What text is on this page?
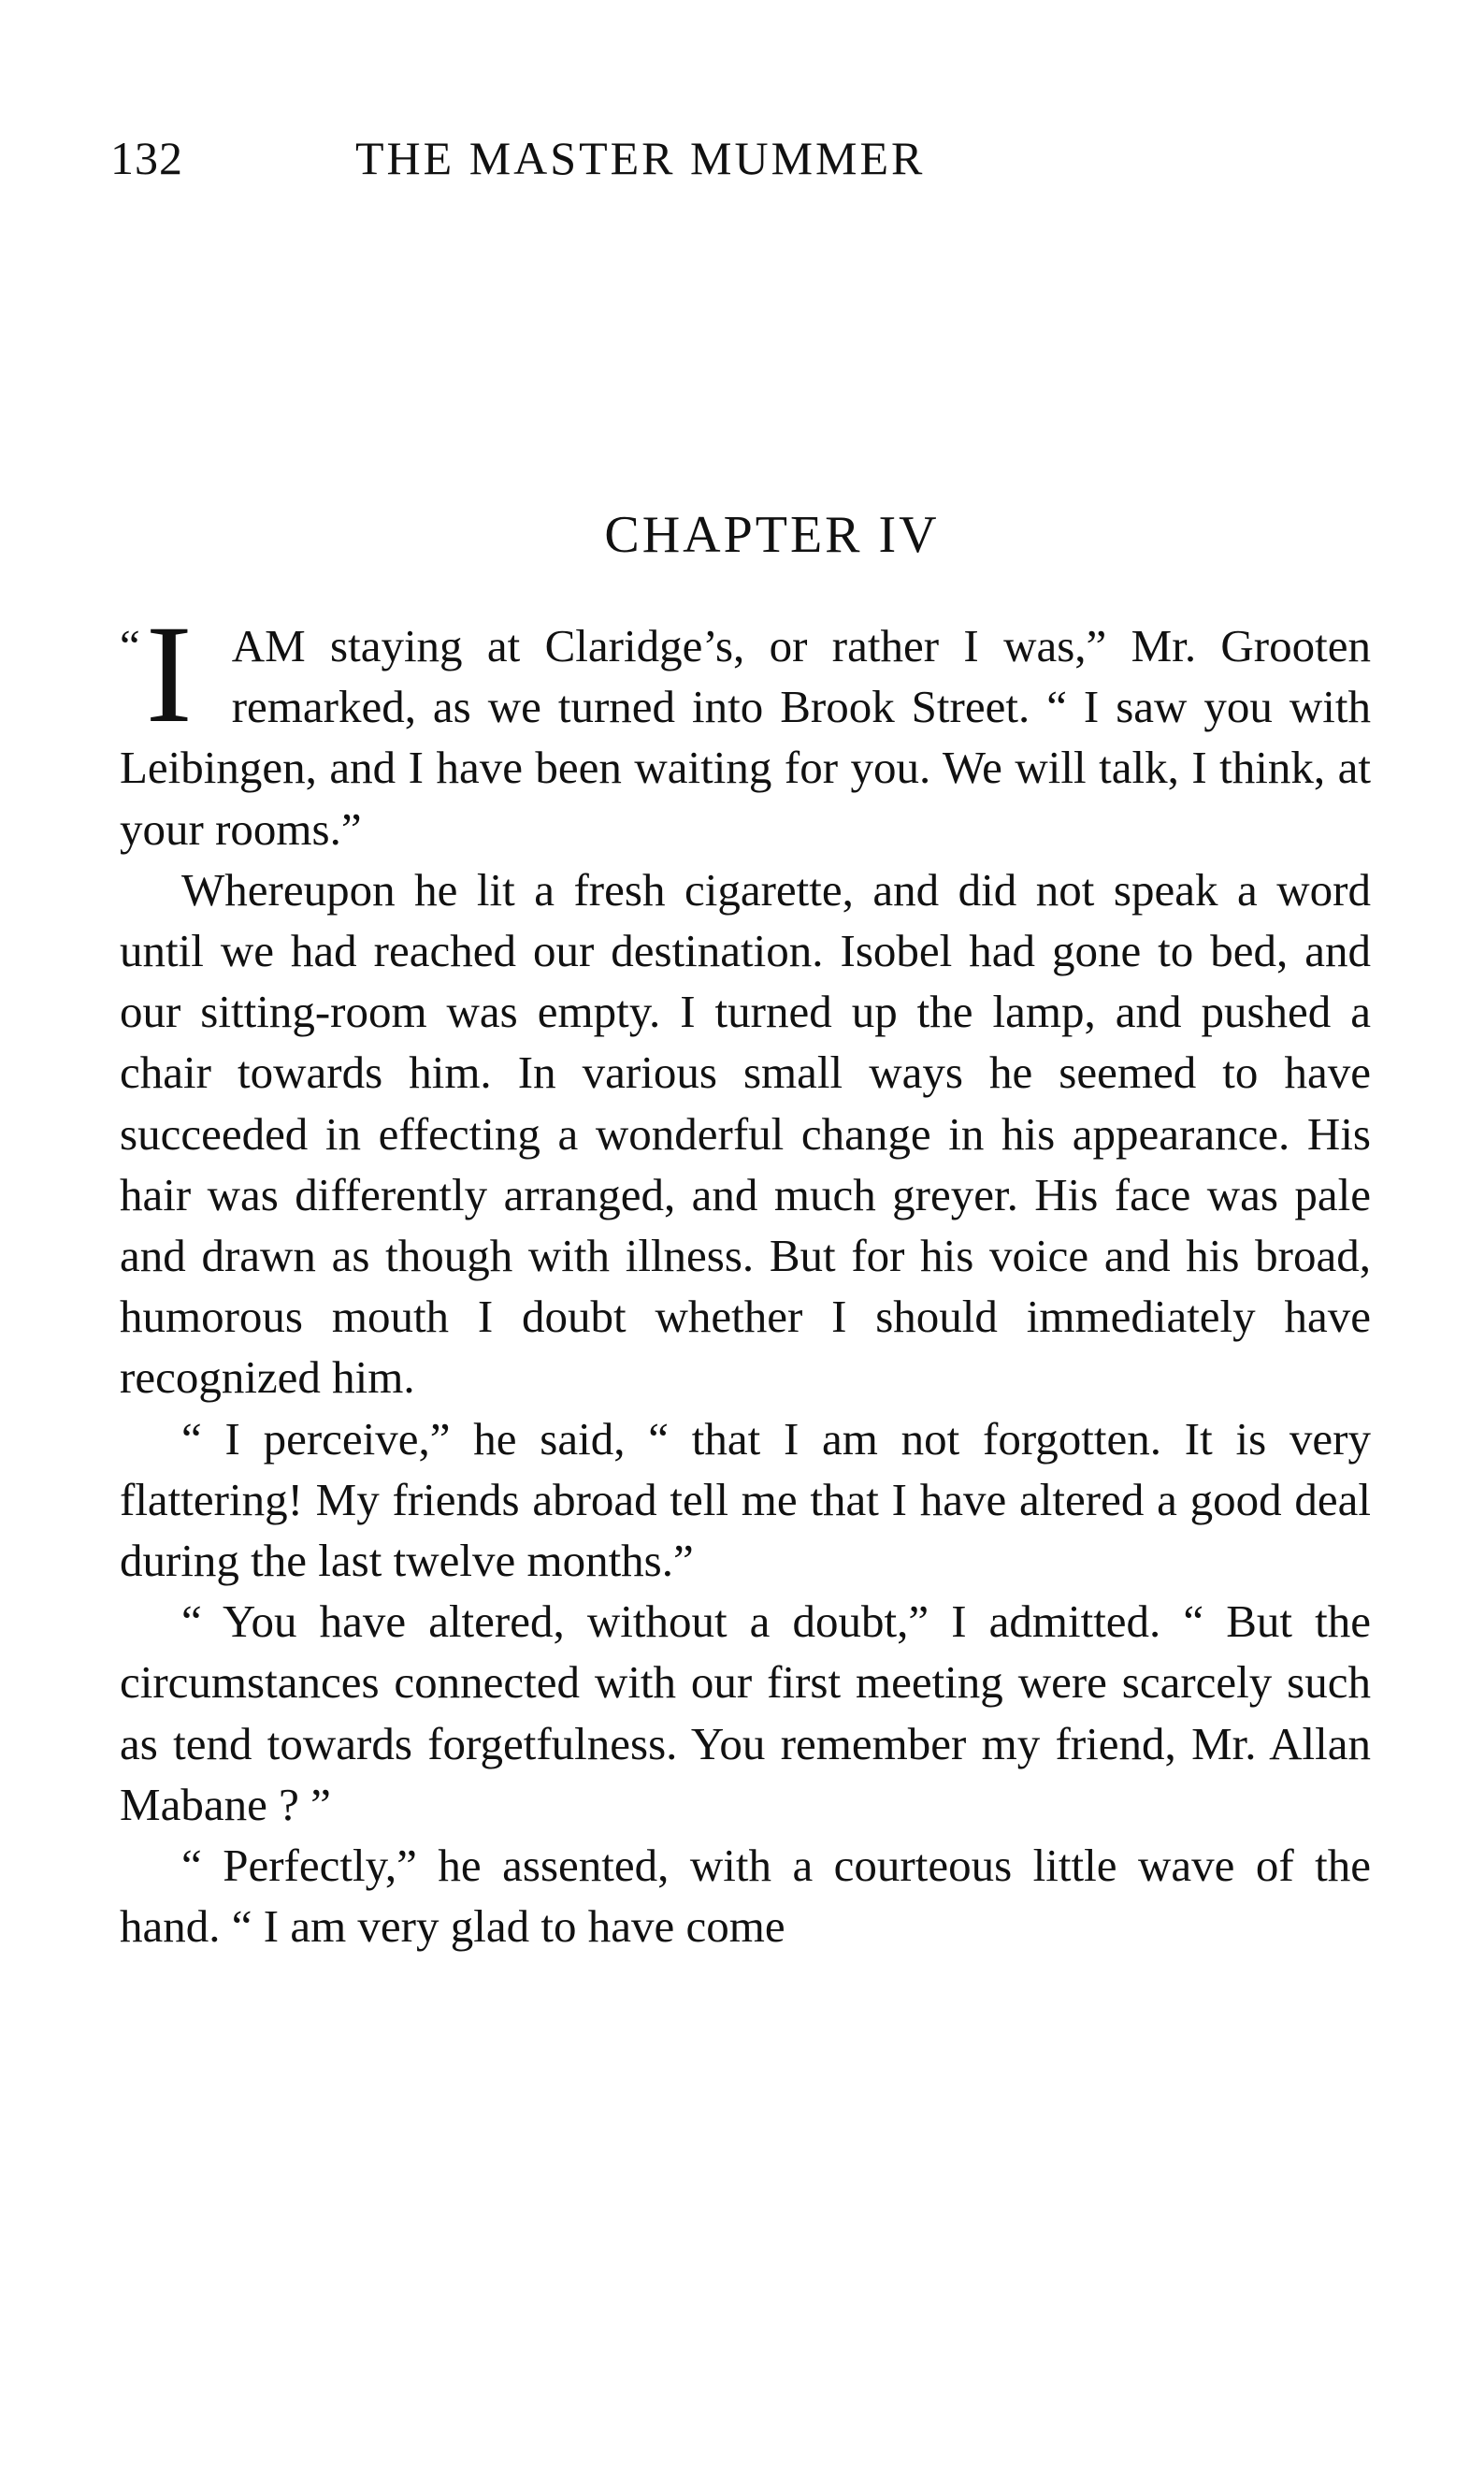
132	THE MASTER MUMMER
CHAPTER IV

“ I AM staying at Claridge’s, or rather I was,” Mr. Grooten remarked, as we turned into Brook Street. “ I saw you with Leibingen, and I have been waiting for you. We will talk, I think, at your rooms.”

Whereupon he lit a fresh cigarette, and did not speak a word until we had reached our destination. Isobel had gone to bed, and our sitting-room was empty. I turned up the lamp, and pushed a chair towards him. In various small ways he seemed to have succeeded in effecting a wonderful change in his appearance. His hair was differently arranged, and much greyer. His face was pale and drawn as though with illness. But for his voice and his broad, humorous mouth I doubt whether I should immediately have recognized him.

“ I perceive,” he said, “ that I am not forgotten. It is very flattering! My friends abroad tell me that I have altered a good deal during the last twelve months.”

“ You have altered, without a doubt,” I admitted. “ But the circumstances connected with our first meeting were scarcely such as tend towards forgetfulness. You remember my friend, Mr. Allan Mabane ? ”

“ Perfectly,” he assented, with a courteous little wave of the hand. “ I am very glad to have come
